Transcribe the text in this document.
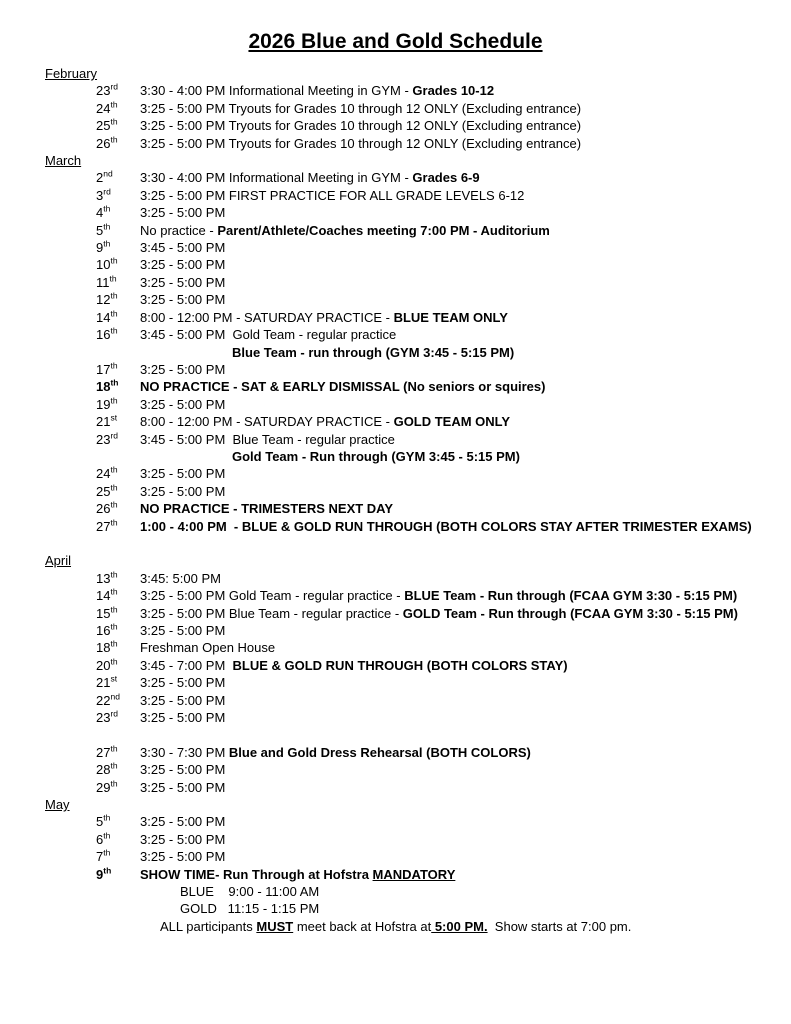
2026 Blue and Gold Schedule
February
23rd	3:30 - 4:00 PM Informational Meeting in GYM - Grades 10-12
24th	3:25 - 5:00 PM Tryouts for Grades 10 through 12 ONLY (Excluding entrance)
25th	3:25 - 5:00 PM Tryouts for Grades 10 through 12 ONLY (Excluding entrance)
26th	3:25 - 5:00 PM Tryouts for Grades 10 through 12 ONLY (Excluding entrance)
March
2nd	3:30 - 4:00 PM Informational Meeting in GYM - Grades 6-9
3rd	3:25 - 5:00 PM FIRST PRACTICE FOR ALL GRADE LEVELS 6-12
4th	3:25 - 5:00 PM
5th	No practice - Parent/Athlete/Coaches meeting 7:00 PM - Auditorium
9th	3:45 - 5:00 PM
10th	3:25 - 5:00 PM
11th	3:25 - 5:00 PM
12th	3:25 - 5:00 PM
14th	8:00 - 12:00 PM - SATURDAY PRACTICE - BLUE TEAM ONLY
16th	3:45 - 5:00 PM  Gold Team - regular practice
Blue Team - run through (GYM 3:45 - 5:15 PM)
17th	3:25 - 5:00 PM
18th	NO PRACTICE - SAT & EARLY DISMISSAL (No seniors or squires)
19th	3:25 - 5:00 PM
21st	8:00 - 12:00 PM - SATURDAY PRACTICE - GOLD TEAM ONLY
23rd	3:45 - 5:00 PM  Blue Team - regular practice
Gold Team - Run through (GYM 3:45 - 5:15 PM)
24th	3:25 - 5:00 PM
25th	3:25 - 5:00 PM
26th	NO PRACTICE - TRIMESTERS NEXT DAY
27th	1:00 - 4:00 PM  - BLUE & GOLD RUN THROUGH (BOTH COLORS STAY AFTER TRIMESTER EXAMS)
April
13th	3:45: 5:00 PM
14th	3:25 - 5:00 PM Gold Team - regular practice - BLUE Team - Run through (FCAA GYM 3:30 - 5:15 PM)
15th	3:25 - 5:00 PM Blue Team - regular practice - GOLD Team - Run through (FCAA GYM 3:30 - 5:15 PM)
16th	3:25 - 5:00 PM
18th	Freshman Open House
20th	3:45 - 7:00 PM  BLUE & GOLD RUN THROUGH (BOTH COLORS STAY)
21st	3:25 - 5:00 PM
22nd	3:25 - 5:00 PM
23rd	3:25 - 5:00 PM
27th	3:30 - 7:30 PM Blue and Gold Dress Rehearsal (BOTH COLORS)
28th	3:25 - 5:00 PM
29th	3:25 - 5:00 PM
May
5th	3:25 - 5:00 PM
6th	3:25 - 5:00 PM
7th	3:25 - 5:00 PM
9th	SHOW TIME- Run Through at Hofstra MANDATORY
BLUE    9:00 - 11:00 AM
GOLD   11:15 - 1:15 PM
ALL participants MUST meet back at Hofstra at 5:00 PM.  Show starts at 7:00 pm.
